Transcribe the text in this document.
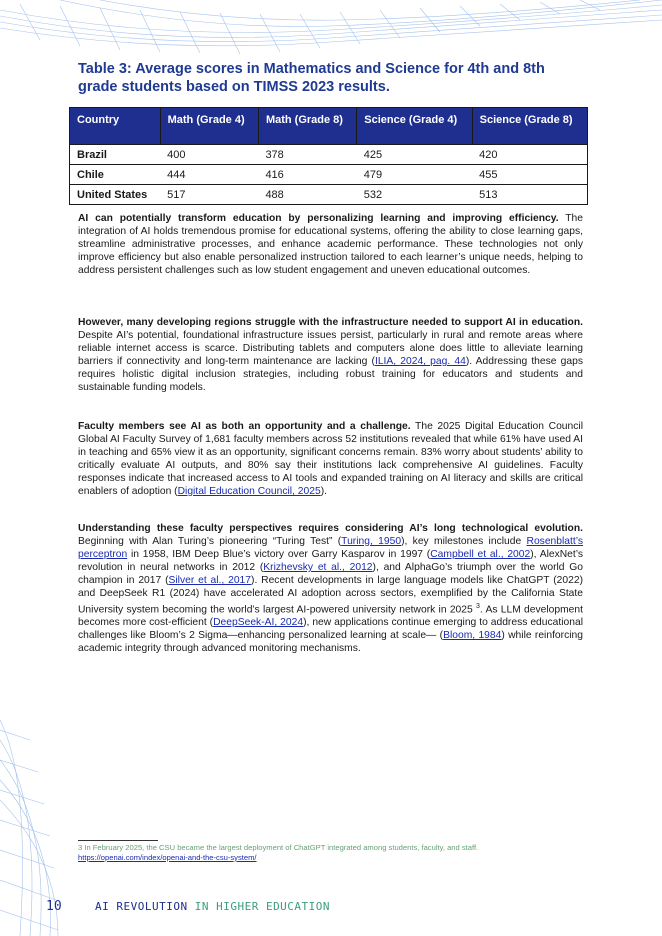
Table 3: Average scores in Mathematics and Science for 4th and 8th grade students based on TIMSS 2023 results.

Country	Math (Grade 4)	Math (Grade 8)	Science (Grade 4)	Science (Grade 8)
Brazil	400	378	425	420
Chile	444	416	479	455
United States	517	488	532	513
AI can potentially transform education by personalizing learning and improving efficiency. The integration of AI holds tremendous promise for educational systems, offering the ability to close learning gaps, streamline administrative processes, and enhance academic performance. These technologies not only improve efficiency but also enable personalized instruction tailored to each learner’s unique needs, helping to address persistent challenges such as low student engagement and uneven educational outcomes.
However, many developing regions struggle with the infrastructure needed to support AI in education. Despite AI’s potential, foundational infrastructure issues persist, particularly in rural and remote areas where reliable internet access is scarce. Distributing tablets and computers alone does little to alleviate learning barriers if connectivity and long-term maintenance are lacking (ILIA, 2024, pag. 44). Addressing these gaps requires holistic digital inclusion strategies, including robust training for educators and students and sustainable funding models.
Faculty members see AI as both an opportunity and a challenge. The 2025 Digital Education Council Global AI Faculty Survey of 1,681 faculty members across 52 institutions revealed that while 61% have used AI in teaching and 65% view it as an opportunity, significant concerns remain. 83% worry about students’ ability to critically evaluate AI outputs, and 80% say their institutions lack comprehensive AI guidelines. Faculty responses indicate that increased access to AI tools and expanded training on AI literacy and skills are critical enablers of adoption (Digital Education Council, 2025).
Understanding these faculty perspectives requires considering AI’s long technological evolution. Beginning with Alan Turing’s pioneering “Turing Test” (Turing, 1950), key milestones include Rosenblatt’s perceptron in 1958, IBM Deep Blue’s victory over Garry Kasparov in 1997 (Campbell et al., 2002), AlexNet’s revolution in neural networks in 2012 (Krizhevsky et al., 2012), and AlphaGo’s triumph over the world Go champion in 2017 (Silver et al., 2017). Recent developments in large language models like ChatGPT (2022) and DeepSeek R1 (2024) have accelerated AI adoption across sectors, exemplified by the California State University system becoming the world’s largest AI-powered university network in 2025 $^3$. As LLM development becomes more cost-efficient (DeepSeek-AI, 2024), new applications continue emerging to address educational challenges like Bloom’s 2 Sigma—enhancing personalized learning at scale— (Bloom, 1984) while reinforcing academic integrity through advanced monitoring mechanisms.
3 In February 2025, the CSU became the largest deployment of ChatGPT integrated among students, faculty, and staff. https://openai.com/index/openai-and-the-csu-system/
10	AI REVOLUTION IN HIGHER EDUCATION
